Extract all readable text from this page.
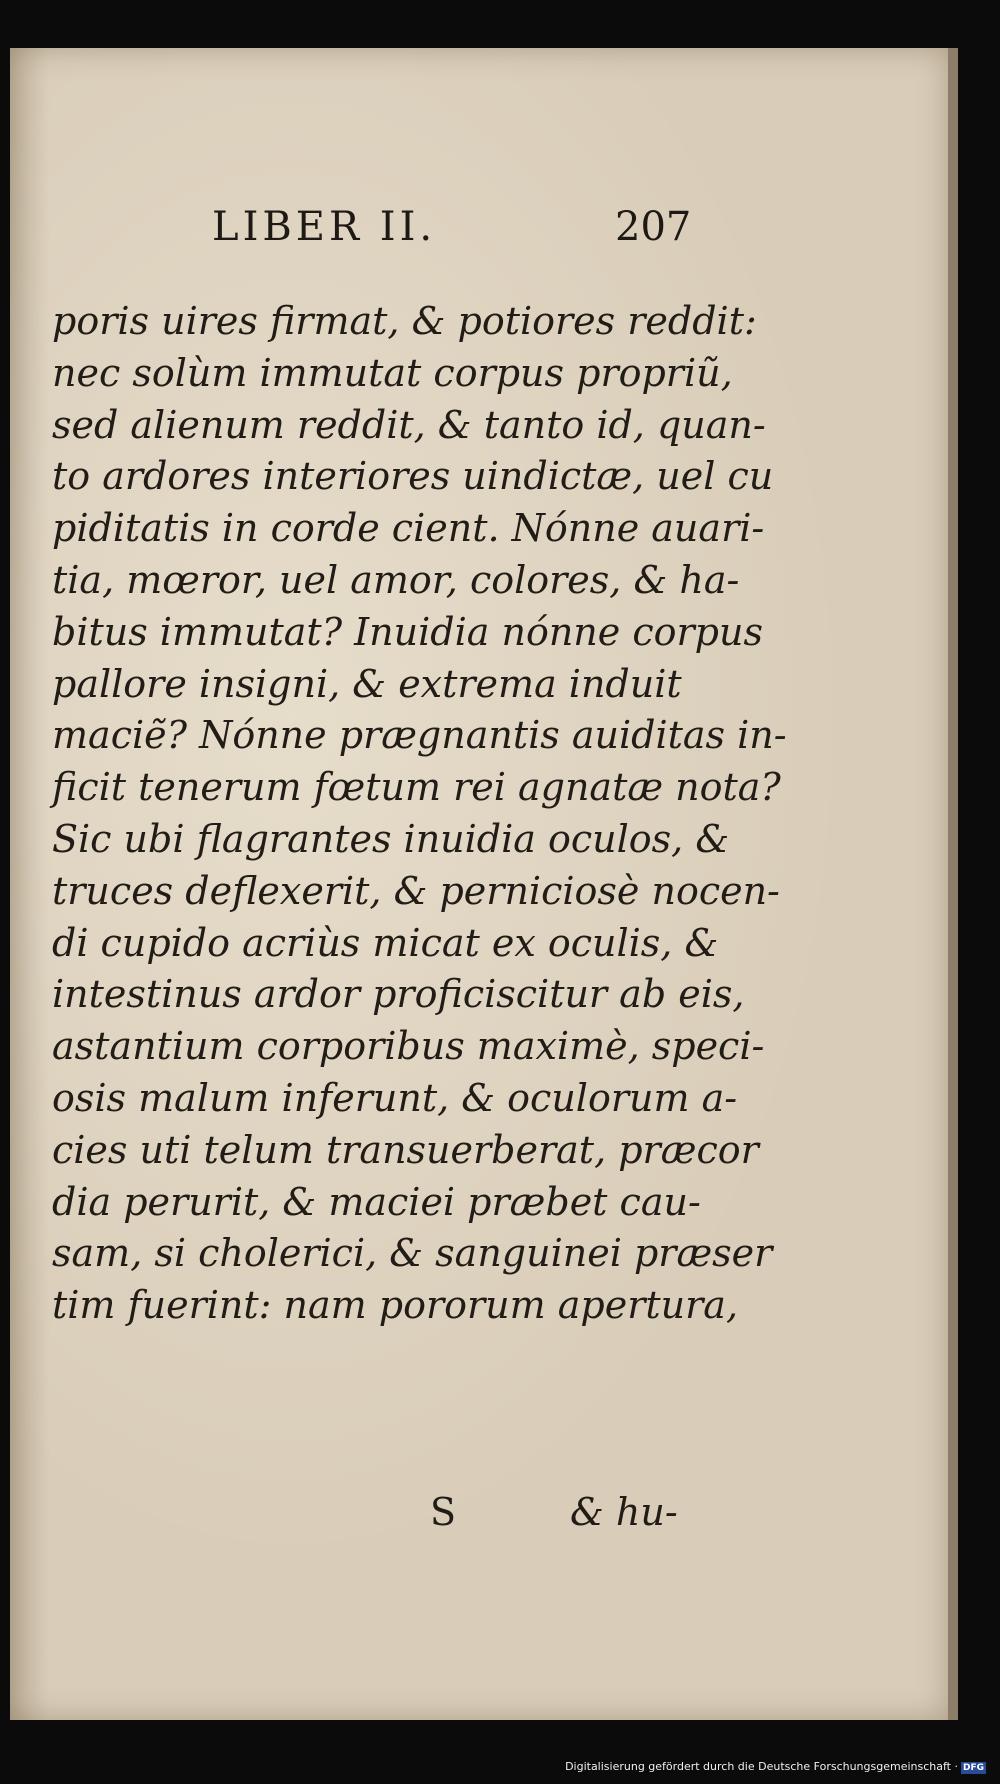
LIBER II.	207
poris uires firmat, & potiores reddit:
nec solùm immutat corpus propriũ,
sed alienum reddit, & tanto id, quan-
to ardores interiores uindictæ, uel cu
piditatis in corde cient. Nónne auari-
tia, mœror, uel amor, colores, & ha-
bitus immutat? Inuidia nónne corpus
pallore insigni, & extrema induit
maciẽ? Nónne prægnantis auiditas in-
ficit tenerum fœtum rei agnatæ nota?
Sic ubi flagrantes inuidia oculos, &
truces deflexerit, & perniciosè nocen-
di cupido acriùs micat ex oculis, &
intestinus ardor proficiscitur ab eis,
astantium corporibus maximè, speci-
osis malum inferunt, & oculorum a-
cies uti telum transuerberat, præcor
dia perurit, & maciei præbet cau-
sam, si cholerici, & sanguinei præser
tim fuerint: nam pororum apertura,
S	& hu-
Digitalisierung gefördert durch die Deutsche Forschungsgemeinschaft · DFG
